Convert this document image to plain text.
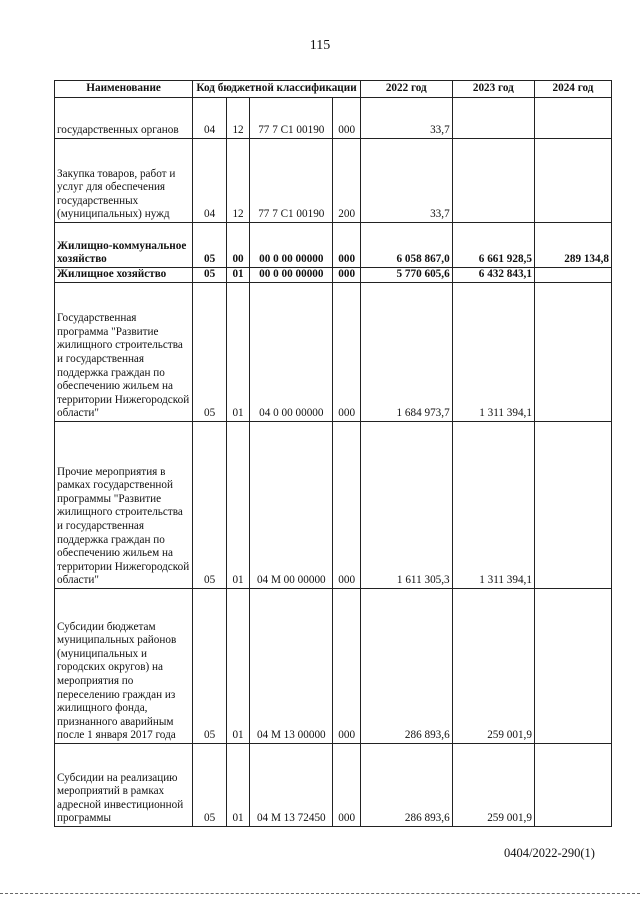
115
Наименование	Код бюджетной классификации				2022 год	2023 год	2024 год
государственных органов	04	12	77 7 C1 00190	000	33,7		
Закупка товаров, работ и услуг для обеспечения государственных (муниципальных) нужд	04	12	77 7 C1 00190	200	33,7		
Жилищно-коммунальное хозяйство	05	00	00 0 00 00000	000	6 058 867,0	6 661 928,5	289 134,8
Жилищное хозяйство	05	01	00 0 00 00000	000	5 770 605,6	6 432 843,1	
Государственная программа "Развитие жилищного строительства и государственная поддержка граждан по обеспечению жильем на территории Нижегородской области"	05	01	04 0 00 00000	000	1 684 973,7	1 311 394,1	
Прочие мероприятия в рамках государственной программы "Развитие жилищного строительства и государственная поддержка граждан по обеспечению жильем на территории Нижегородской области"	05	01	04 М 00 00000	000	1 611 305,3	1 311 394,1	
Субсидии бюджетам муниципальных районов (муниципальных и городских округов) на мероприятия по переселению граждан из жилищного фонда, признанного аварийным после 1 января 2017 года	05	01	04 М 13 00000	000	286 893,6	259 001,9	
Субсидии на реализацию мероприятий в рамках адресной инвестиционной программы	05	01	04 М 13 72450	000	286 893,6	259 001,9	
0404/2022-290(1)
